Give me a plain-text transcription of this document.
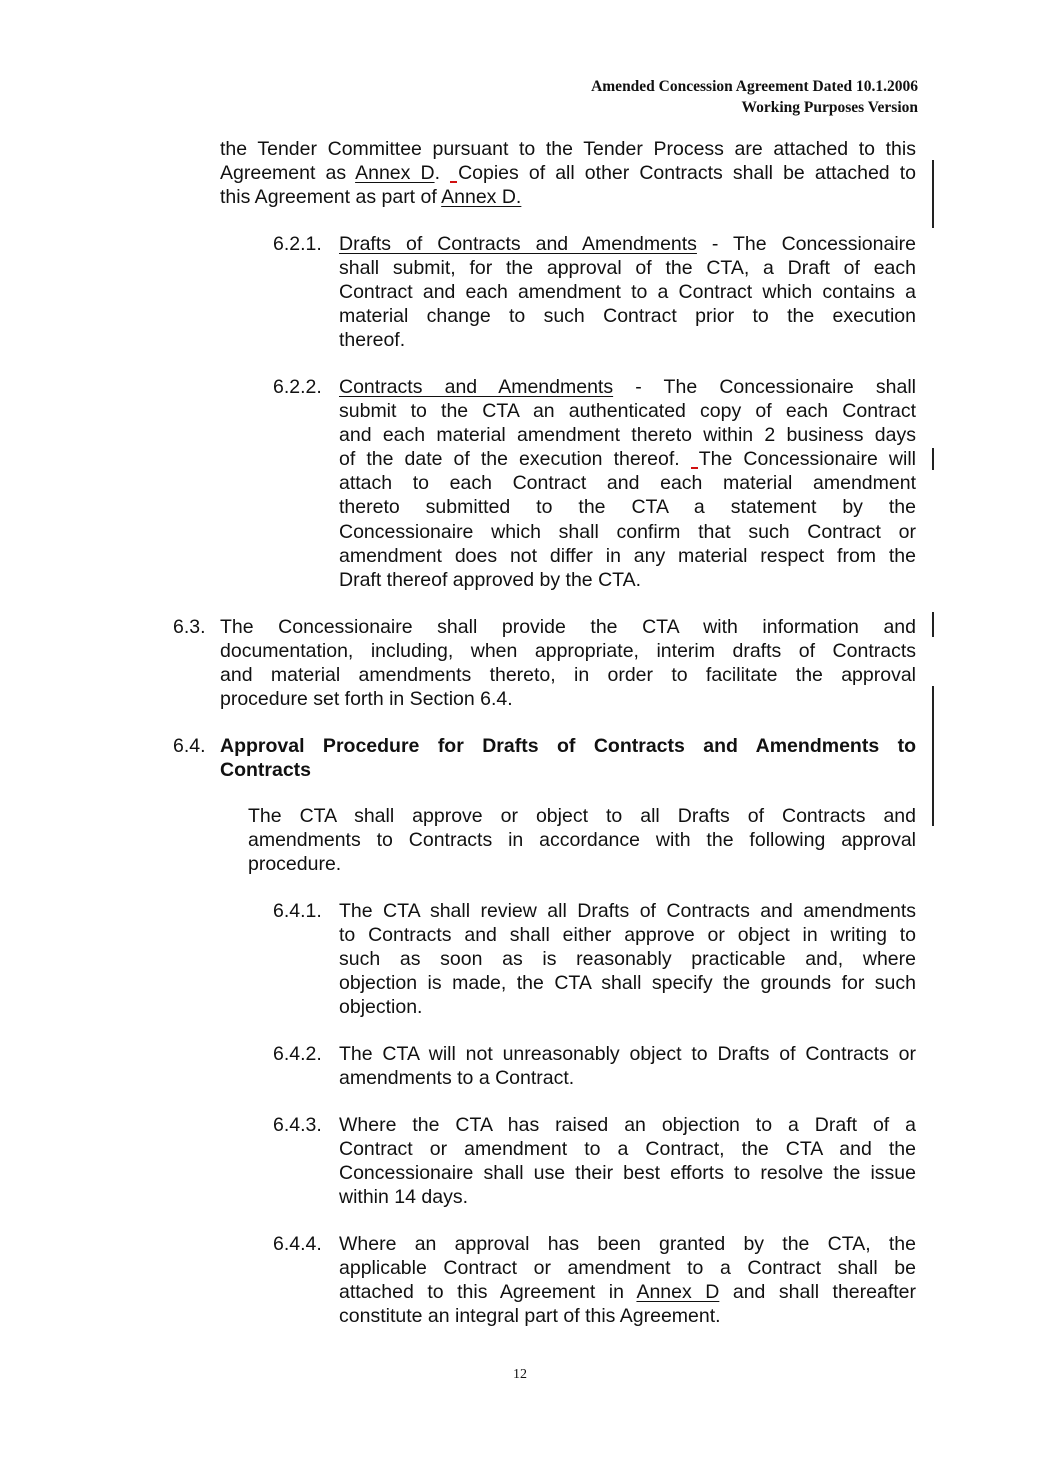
Amended Concession Agreement Dated 10.1.2006
Working Purposes Version
the Tender Committee pursuant to the Tender Process are attached to this
Agreement as Annex D. Copies of all other Contracts shall be attached to
this Agreement as part of Annex D.
6.2.1. Drafts of Contracts and Amendments - The Concessionaire
shall submit, for the approval of the CTA, a Draft of each
Contract and each amendment to a Contract which contains a
material change to such Contract prior to the execution
thereof.
6.2.2. Contracts and Amendments - The Concessionaire shall
submit to the CTA an authenticated copy of each Contract
and each material amendment thereto within 2 business days
of the date of the execution thereof. The Concessionaire will
attach to each Contract and each material amendment
thereto submitted to the CTA a statement by the
Concessionaire which shall confirm that such Contract or
amendment does not differ in any material respect from the
Draft thereof approved by the CTA.
6.3. The Concessionaire shall provide the CTA with information and
documentation, including, when appropriate, interim drafts of Contracts
and material amendments thereto, in order to facilitate the approval
procedure set forth in Section 6.4.
6.4. Approval Procedure for Drafts of Contracts and Amendments to
Contracts
The CTA shall approve or object to all Drafts of Contracts and
amendments to Contracts in accordance with the following approval
procedure.
6.4.1. The CTA shall review all Drafts of Contracts and amendments
to Contracts and shall either approve or object in writing to
such as soon as is reasonably practicable and, where
objection is made, the CTA shall specify the grounds for such
objection.
6.4.2. The CTA will not unreasonably object to Drafts of Contracts or
amendments to a Contract.
6.4.3. Where the CTA has raised an objection to a Draft of a
Contract or amendment to a Contract, the CTA and the
Concessionaire shall use their best efforts to resolve the issue
within 14 days.
6.4.4. Where an approval has been granted by the CTA, the
applicable Contract or amendment to a Contract shall be
attached to this Agreement in Annex D and shall thereafter
constitute an integral part of this Agreement.
12
